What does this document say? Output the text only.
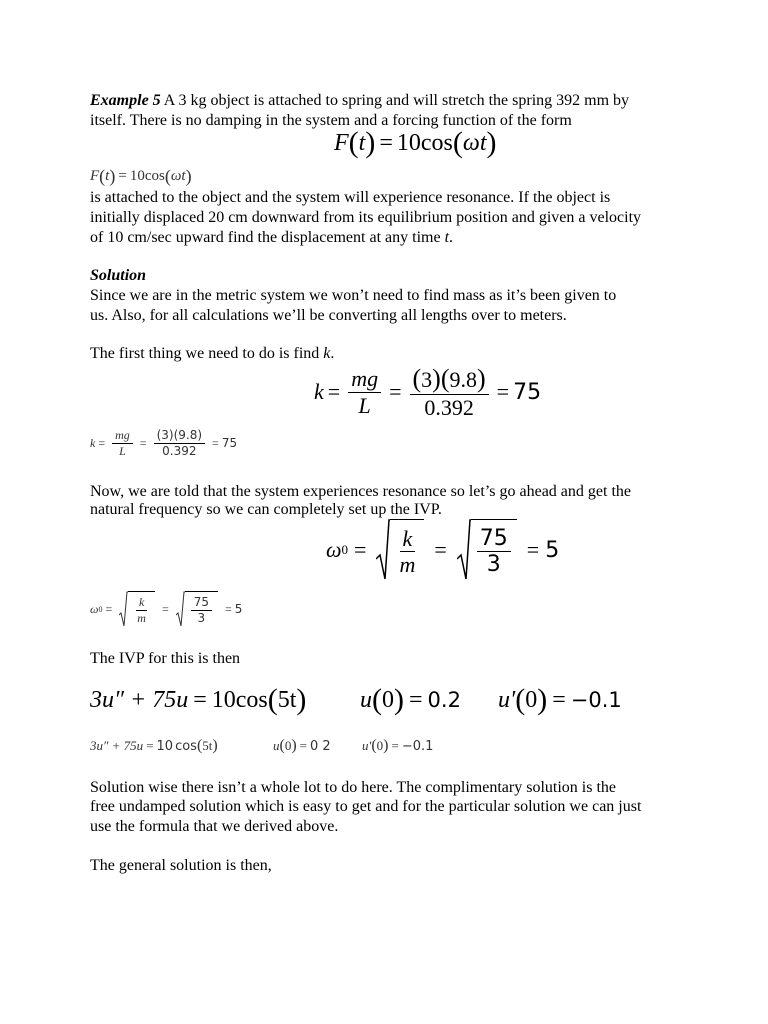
Example 5 A 3 kg object is attached to spring and will stretch the spring 392 mm by
itself. There is no damping in the system and a forcing function of the form
F ( t ) = 10 cos ( ω t )
F ( t ) = 10 cos ( ω t )
is attached to the object and the system will experience resonance. If the object is
initially displaced 20 cm downward from its equilibrium position and given a velocity
of 10 cm/sec upward find the displacement at any time t.
Solution
Since we are in the metric system we won’t need to find mass as it’s been given to
us. Also, for all calculations we’ll be converting all lengths over to meters.
The first thing we need to do is find k.
$k = \frac{mg}{L} = \frac{(3)(9.8)}{0.392} = 75$
$k = \frac{mg}{L} = \frac{(3)(9.8)}{0.392} = 75$
Now, we are told that the system experiences resonance so let’s go ahead and get the
natural frequency so we can completely set up the IVP.
ω $0 = \frac{k}{m} = \frac{75}{3} = 5$
ω $0 = \frac{k}{m} = \frac{75}{3} = 5$
The IVP for this is then
3u″ + 75u = 10 cos ( 5t ) u ( 0 ) = 0.2 u′ ( 0 ) = −0.1
3u″ + 75u = 10 cos ( 5t )	u ( 0 ) = 0 2 u′ ( 0 ) = −0.1
Solution wise there isn’t a whole lot to do here. The complimentary solution is the
free undamped solution which is easy to get and for the particular solution we can just
use the formula that we derived above.
The general solution is then,
